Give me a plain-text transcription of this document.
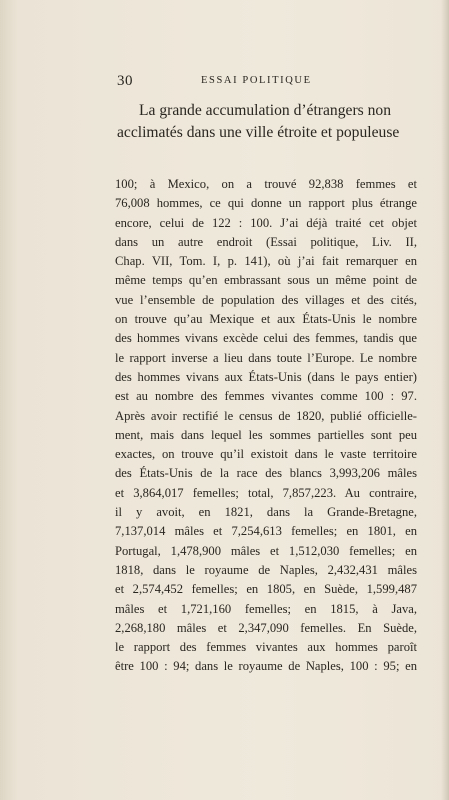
30	ESSAI POLITIQUE
La grande accumulation d’étrangers non
acclimatés dans une ville étroite et populeuse
100; à Mexico, on a trouvé 92,838 femmes et
76,008 hommes, ce qui donne un rapport plus étrange
encore, celui de 122 : 100. J’ai déjà traité cet objet
dans un autre endroit (Essai politique, Liv. II,
Chap. VII, Tom. I, p. 141), où j’ai fait remarquer en
même temps qu’en embrassant sous un même point de
vue l’ensemble de population des villages et des cités,
on trouve qu’au Mexique et aux États-Unis le nombre
des hommes vivans excède celui des femmes, tandis que
le rapport inverse a lieu dans toute l’Europe. Le nombre
des hommes vivans aux États-Unis (dans le pays entier)
est au nombre des femmes vivantes comme 100 : 97.
Après avoir rectifié le census de 1820, publié officielle-
ment, mais dans lequel les sommes partielles sont peu
exactes, on trouve qu’il existoit dans le vaste territoire
des États-Unis de la race des blancs 3,993,206 mâles
et 3,864,017 femelles; total, 7,857,223. Au contraire,
il y avoit, en 1821, dans la Grande-Bretagne,
7,137,014 mâles et 7,254,613 femelles; en 1801, en
Portugal, 1,478,900 mâles et 1,512,030 femelles; en
1818, dans le royaume de Naples, 2,432,431 mâles
et 2,574,452 femelles; en 1805, en Suède, 1,599,487
mâles et 1,721,160 femelles; en 1815, à Java,
2,268,180 mâles et 2,347,090 femelles. En Suède,
le rapport des femmes vivantes aux hommes paroît
être 100 : 94; dans le royaume de Naples, 100 : 95; en
